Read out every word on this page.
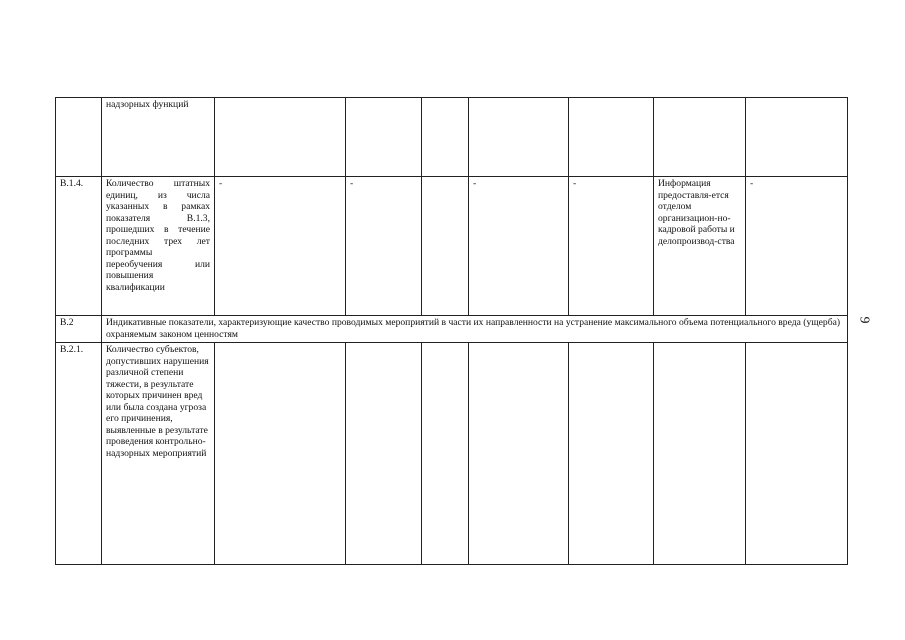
	надзорных функций							
В.1.4.	Количество штатных единиц, из числа указанных в рамках показателя В.1.3, прошедших в течение последних трех лет программы переобучения или повышения квалификации	-	-		-	-	Информация предоставля-ется отделом организацион-но-кадровой работы и делопроизвод-ства	-
В.2	Индикативные показатели, характеризующие качество проводимых мероприятий в части их направленности на устранение максимального объема потенциального вреда (ущерба) охраняемым законом ценностям							
В.2.1.	Количество субъектов, допустивших нарушения различной степени тяжести, в результате которых причинен вред или была создана угроза его причинения, выявленные в результате проведения контрольно-надзорных мероприятий							
9
